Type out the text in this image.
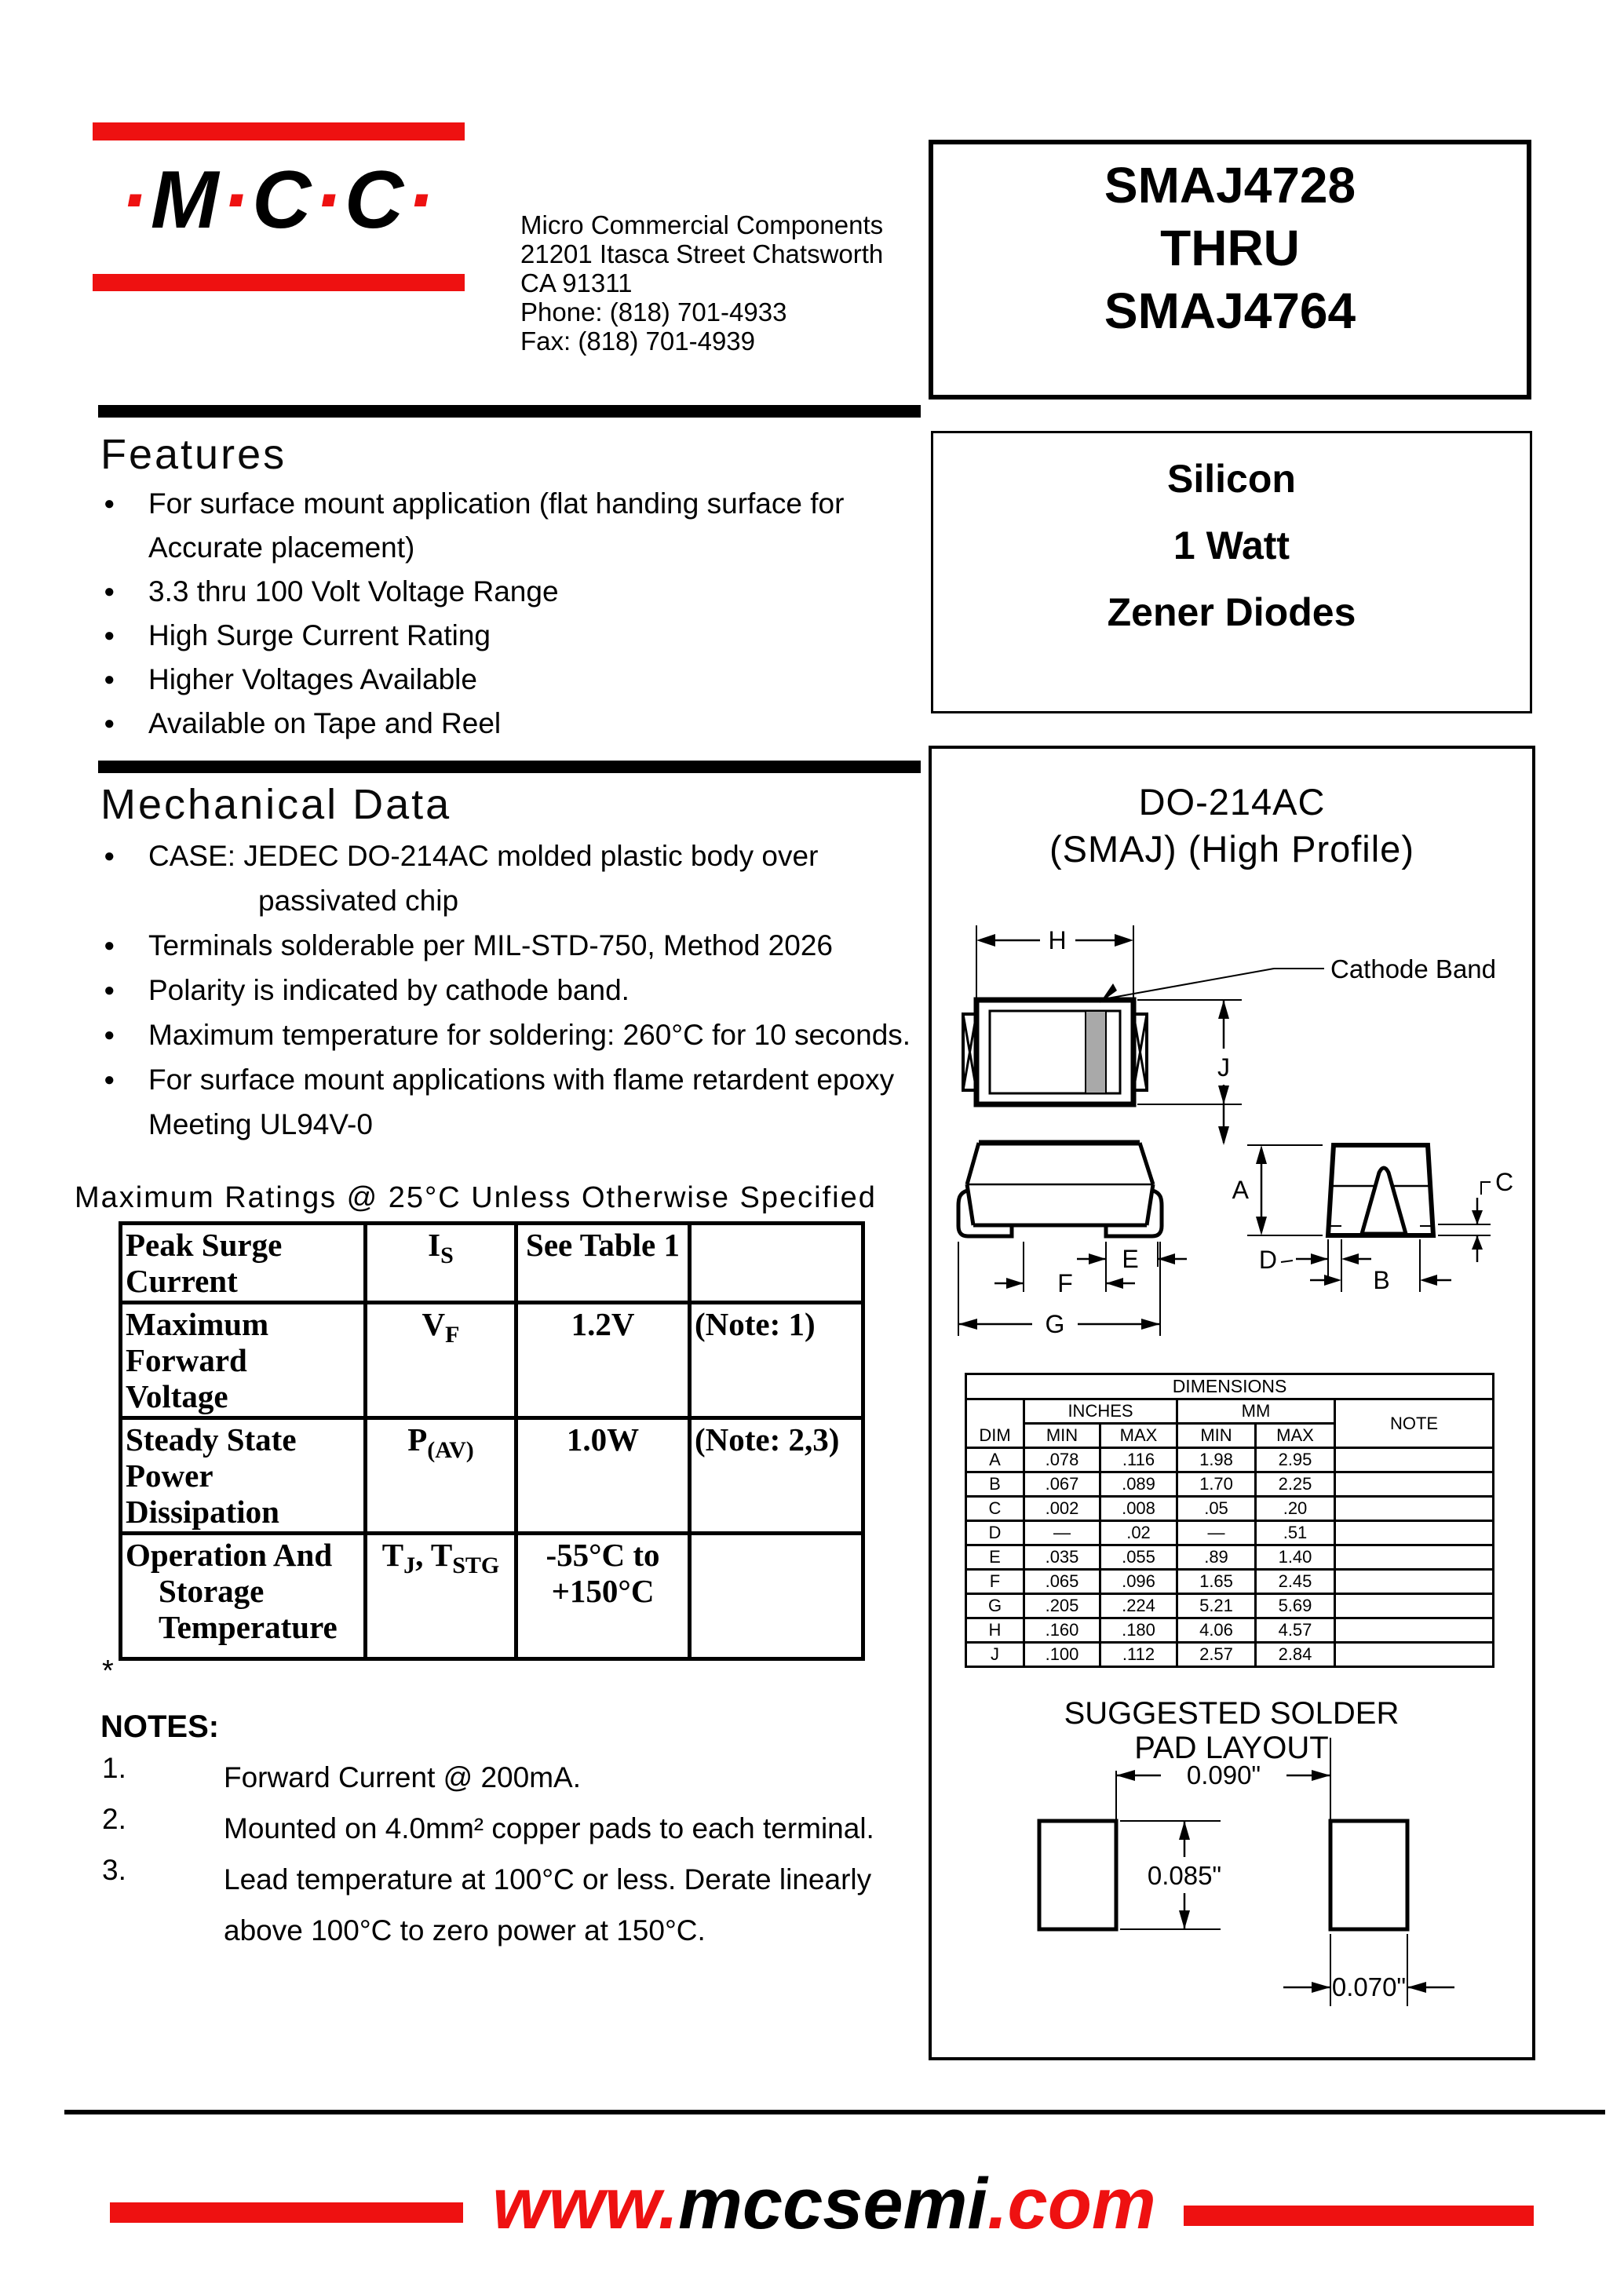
·M·C·C·	Micro Commercial Components
21201 Itasca Street Chatsworth
CA 91311
Phone: (818) 701-4933
Fax: (818) 701-4939
SMAJ4728
THRU
SMAJ4764
Silicon
1 Watt
Zener Diodes
Features
●	For surface mount application (flat handing surface for
Accurate placement)
●	3.3 thru 100 Volt Voltage Range
●	High Surge Current Rating
●	Higher Voltages Available
●	Available on Tape and Reel
Mechanical Data
●	CASE: JEDEC DO-214AC molded plastic body over
passivated chip
●	Terminals solderable per MIL-STD-750, Method 2026
●	Polarity is indicated by cathode band.
●	Maximum temperature for soldering: 260°C for 10 seconds.
●	For surface mount applications with flame retardent epoxy
Meeting UL94V-0
Maximum Ratings @ 25°C Unless Otherwise Specified
Peak Surge
Current	$I_S$	See Table 1	
Maximum
Forward
Voltage	$V_F$	1.2V	(Note: 1)
Steady State
Power
Dissipation	$P_{(AV)}$	1.0W	(Note: 2,3)
Operation And
Storage
Temperature
	$T_J$, $T_{STG}$	-55°C to
+150°C

*
NOTES:
1.	Forward Current @ 200mA.
2.	Mounted on 4.0mm² copper pads to each terminal.
3.	Lead temperature at 100°C or less. Derate linearly
above 100°C to zero power at 150°C.
DO-214AC
(SMAJ) (High Profile)
H
Cathode Band
J
E
F
G
A	C
D
B
DIMENSIONS					
DIM	INCHES		MM		NOTE
	MIN	MAX	MIN	MAX	
A	.078	.116	1.98	2.95	
B	.067	.089	1.70	2.25	
C	.002	.008	.05	.20	
D	—	.02	—	.51	
E	.035	.055	.89	1.40	
F	.065	.096	1.65	2.45	
G	.205	.224	5.21	5.69	
H	.160	.180	4.06	4.57	
J	.100	.112	2.57	2.84	
SUGGESTED SOLDER
PAD LAYOUT
0.090"
0.085"
0.070"
www.mccsemi.com
